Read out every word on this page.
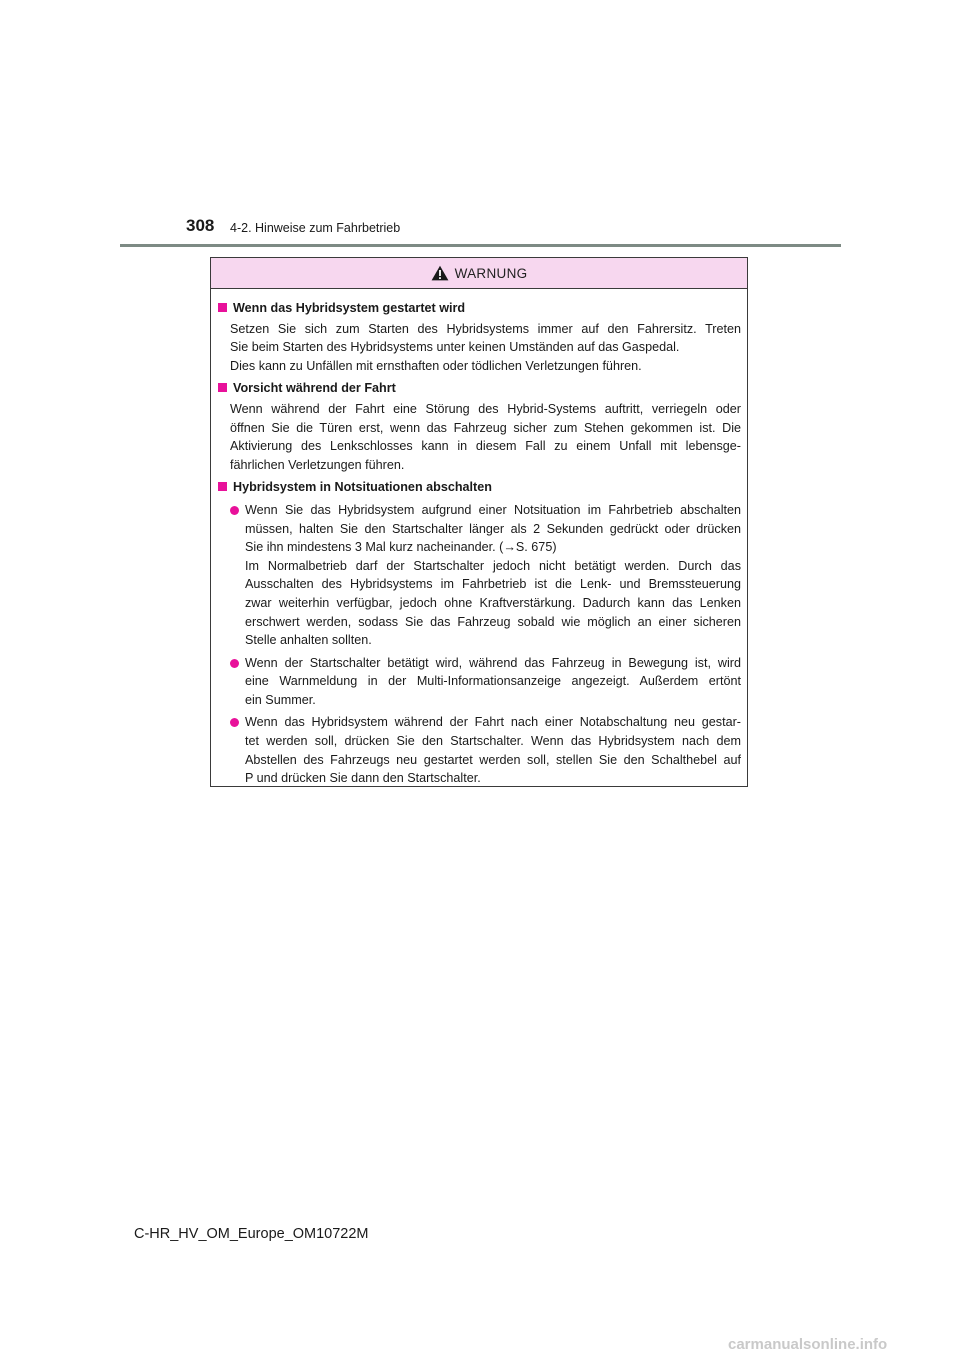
308 4-2. Hinweise zum Fahrbetrieb
WARNUNG
Wenn das Hybridsystem gestartet wird
Setzen Sie sich zum Starten des Hybridsystems immer auf den Fahrersitz. Treten
Sie beim Starten des Hybridsystems unter keinen Umständen auf das Gaspedal.
Dies kann zu Unfällen mit ernsthaften oder tödlichen Verletzungen führen.
Vorsicht während der Fahrt
Wenn während der Fahrt eine Störung des Hybrid-Systems auftritt, verriegeln oder
öffnen Sie die Türen erst, wenn das Fahrzeug sicher zum Stehen gekommen ist. Die
Aktivierung des Lenkschlosses kann in diesem Fall zu einem Unfall mit lebensge-
fährlichen Verletzungen führen.
Hybridsystem in Notsituationen abschalten
Wenn Sie das Hybridsystem aufgrund einer Notsituation im Fahrbetrieb abschalten
müssen, halten Sie den Startschalter länger als 2 Sekunden gedrückt oder drücken
Sie ihn mindestens 3 Mal kurz nacheinander. (→S. 675)
Im Normalbetrieb darf der Startschalter jedoch nicht betätigt werden. Durch das
Ausschalten des Hybridsystems im Fahrbetrieb ist die Lenk- und Bremssteuerung
zwar weiterhin verfügbar, jedoch ohne Kraftverstärkung. Dadurch kann das Lenken
erschwert werden, sodass Sie das Fahrzeug sobald wie möglich an einer sicheren
Stelle anhalten sollten.
Wenn der Startschalter betätigt wird, während das Fahrzeug in Bewegung ist, wird
eine Warnmeldung in der Multi-Informationsanzeige angezeigt. Außerdem ertönt
ein Summer.
Wenn das Hybridsystem während der Fahrt nach einer Notabschaltung neu gestar-
tet werden soll, drücken Sie den Startschalter. Wenn das Hybridsystem nach dem
Abstellen des Fahrzeugs neu gestartet werden soll, stellen Sie den Schalthebel auf
P und drücken Sie dann den Startschalter.
C-HR_HV_OM_Europe_OM10722M
carmanualsonline.info
